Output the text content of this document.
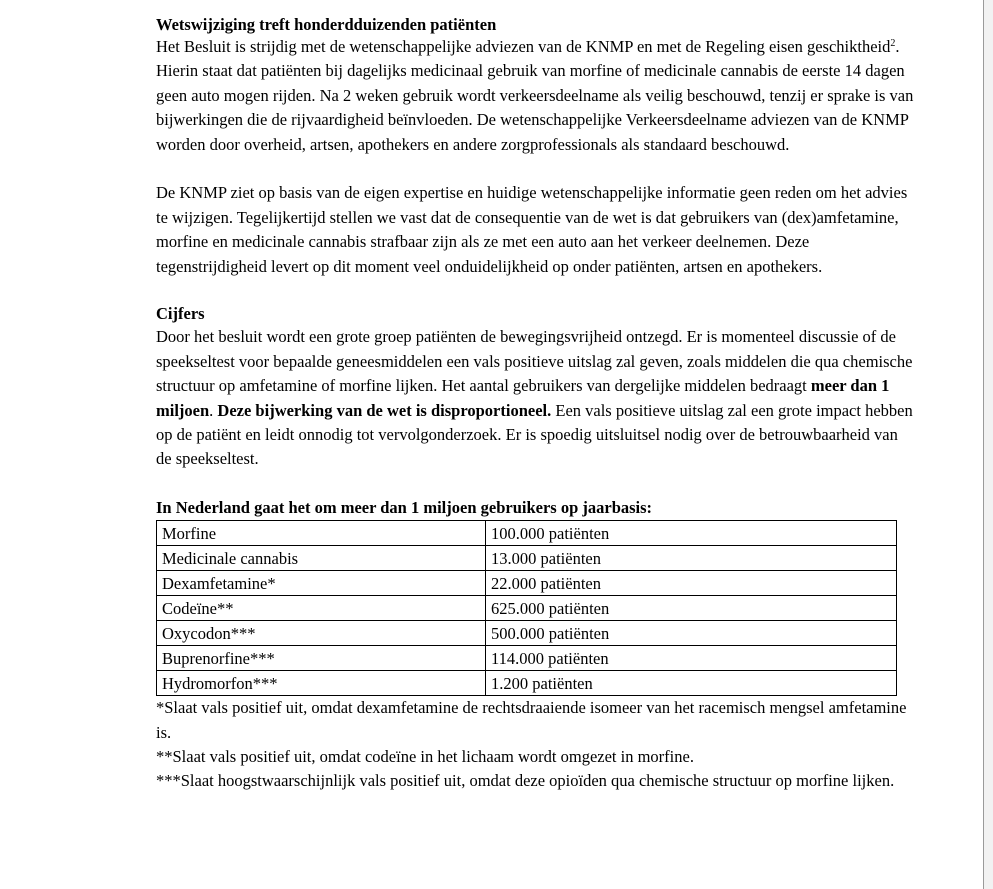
Wetswijziging treft honderdduizenden patiënten

Het Besluit is strijdig met de wetenschappelijke adviezen van de KNMP en met de Regeling eisen geschiktheid$^2$. Hierin staat dat patiënten bij dagelijks medicinaal gebruik van morfine of medicinale cannabis de eerste 14 dagen geen auto mogen rijden. Na 2 weken gebruik wordt verkeersdeelname als veilig beschouwd, tenzij er sprake is van bijwerkingen die de rijvaardigheid beïnvloeden. De wetenschappelijke Verkeersdeelname adviezen van de KNMP worden door overheid, artsen, apothekers en andere zorgprofessionals als standaard beschouwd.

De KNMP ziet op basis van de eigen expertise en huidige wetenschappelijke informatie geen reden om het advies te wijzigen. Tegelijkertijd stellen we vast dat de consequentie van de wet is dat gebruikers van (dex)amfetamine, morfine en medicinale cannabis strafbaar zijn als ze met een auto aan het verkeer deelnemen. Deze tegenstrijdigheid levert op dit moment veel onduidelijkheid op onder patiënten, artsen en apothekers.

Cijfers

Door het besluit wordt een grote groep patiënten de bewegingsvrijheid ontzegd. Er is momenteel discussie of de speekseltest voor bepaalde geneesmiddelen een vals positieve uitslag zal geven, zoals middelen die qua chemische structuur op amfetamine of morfine lijken. Het aantal gebruikers van dergelijke middelen bedraagt meer dan 1 miljoen. Deze bijwerking van de wet is disproportioneel. Een vals positieve uitslag zal een grote impact hebben op de patiënt en leidt onnodig tot vervolgonderzoek. Er is spoedig uitsluitsel nodig over de betrouwbaarheid van de speekseltest.

In Nederland gaat het om meer dan 1 miljoen gebruikers op jaarbasis:

Morfine	100.000 patiënten
Medicinale cannabis	13.000 patiënten
Dexamfetamine*	22.000 patiënten
Codeïne**	625.000 patiënten
Oxycodon***	500.000 patiënten
Buprenorfine***	114.000 patiënten
Hydromorfon***	1.200 patiënten

*Slaat vals positief uit, omdat dexamfetamine de rechtsdraaiende isomeer van het racemisch mengsel amfetamine is.

**Slaat vals positief uit, omdat codeïne in het lichaam wordt omgezet in morfine.

***Slaat hoogstwaarschijnlijk vals positief uit, omdat deze opioïden qua chemische structuur op morfine lijken.
